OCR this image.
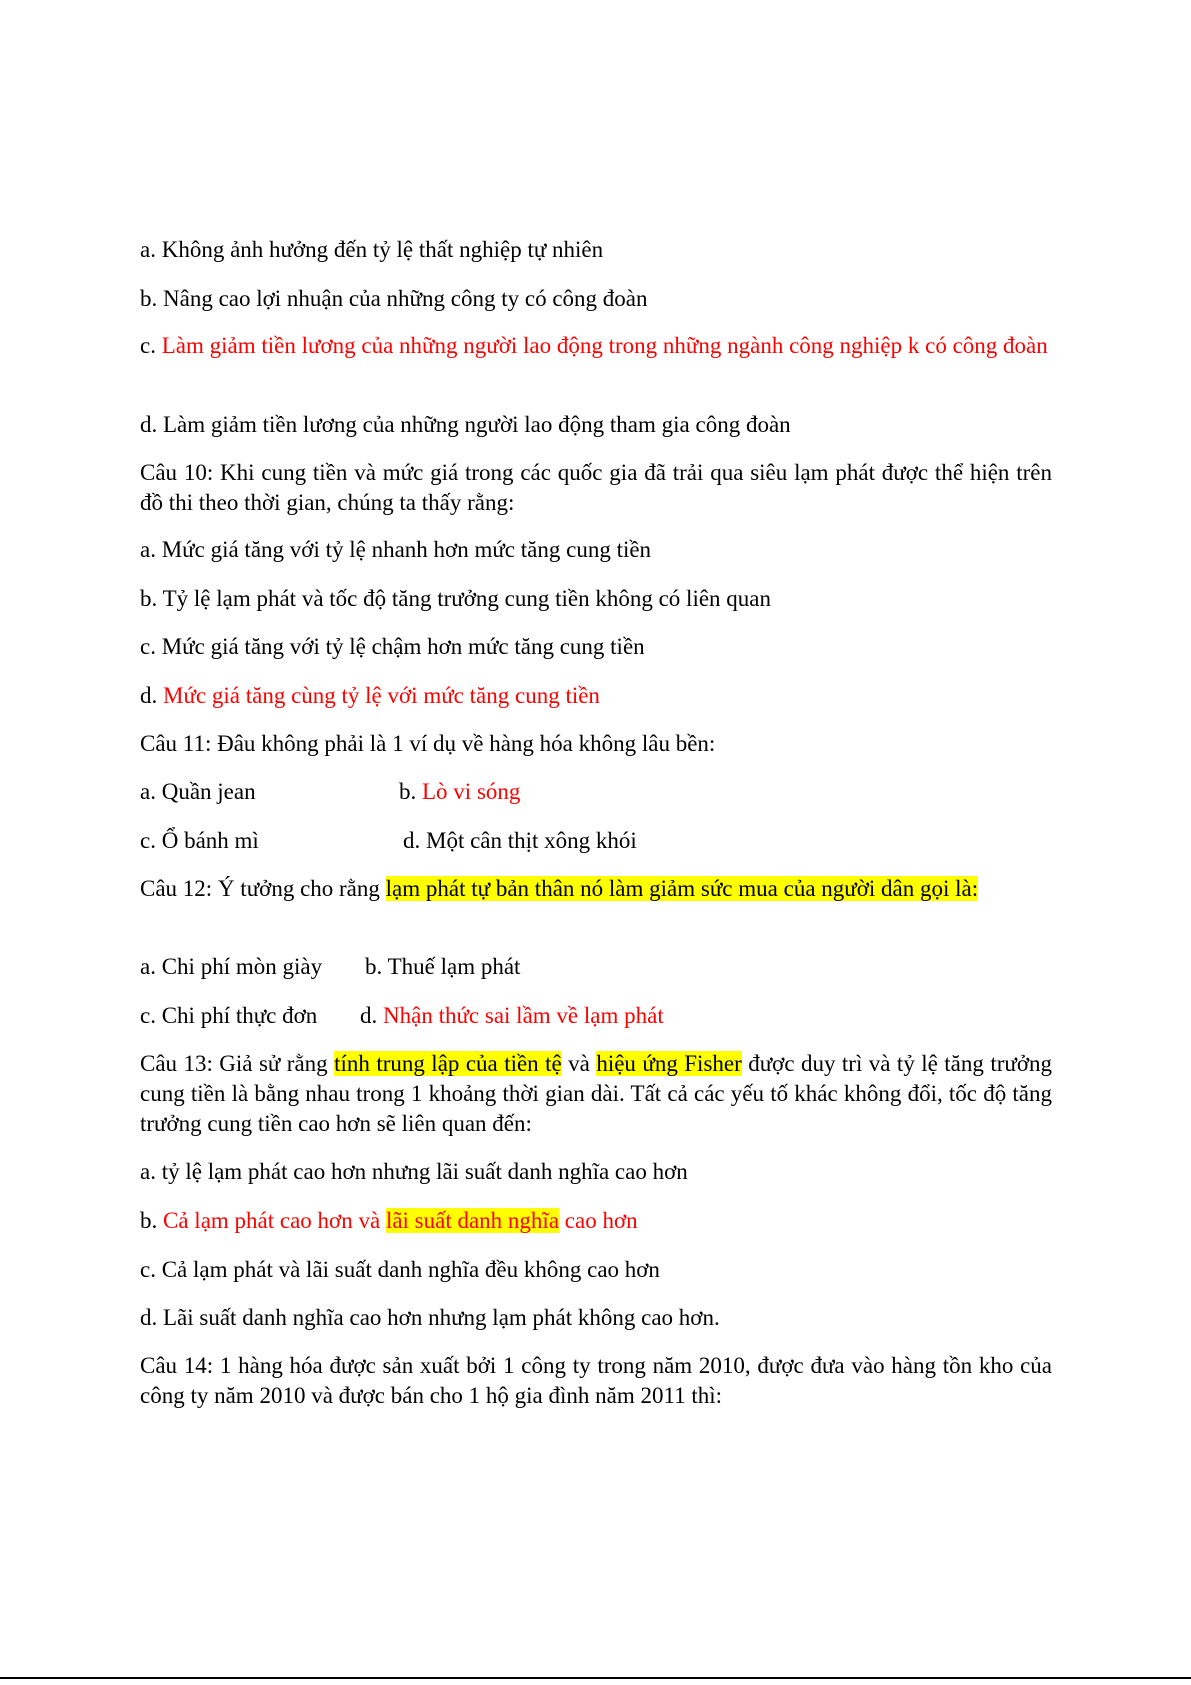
a. Không ảnh hưởng đến tỷ lệ thất nghiệp tự nhiên

b. Nâng cao lợi nhuận của những công ty có công đoàn

c. Làm giảm tiền lương của những người lao động trong những ngành công nghiệp k có công đoàn

d. Làm giảm tiền lương của những người lao động tham gia công đoàn

Câu 10: Khi cung tiền và mức giá trong các quốc gia đã trải qua siêu lạm phát được thể hiện trên đồ thi theo thời gian, chúng ta thấy rằng:

a. Mức giá tăng với tỷ lệ nhanh hơn mức tăng cung tiền

b. Tỷ lệ lạm phát và tốc độ tăng trưởng cung tiền không có liên quan

c. Mức giá tăng với tỷ lệ chậm hơn mức tăng cung tiền

d. Mức giá tăng cùng tỷ lệ với mức tăng cung tiền

Câu 11: Đâu không phải là 1 ví dụ về hàng hóa không lâu bền:

a. Quần jean	b. Lò vi sóng

c. Ổ bánh mì	d. Một cân thịt xông khói

Câu 12: Ý tưởng cho rằng lạm phát tự bản thân nó làm giảm sức mua của người dân gọi là:

a. Chi phí mòn giày b. Thuế lạm phát

c. Chi phí thực đơn d. Nhận thức sai lầm về lạm phát

Câu 13: Giả sử rằng tính trung lập của tiền tệ và hiệu ứng Fisher được duy trì và tỷ lệ tăng trưởng cung tiền là bằng nhau trong 1 khoảng thời gian dài. Tất cả các yếu tố khác không đổi, tốc độ tăng trưởng cung tiền cao hơn sẽ liên quan đến:

a. tỷ lệ lạm phát cao hơn nhưng lãi suất danh nghĩa cao hơn

b. Cả lạm phát cao hơn và lãi suất danh nghĩa cao hơn

c. Cả lạm phát và lãi suất danh nghĩa đều không cao hơn

d. Lãi suất danh nghĩa cao hơn nhưng lạm phát không cao hơn.

Câu 14: 1 hàng hóa được sản xuất bởi 1 công ty trong năm 2010, được đưa vào hàng tồn kho của công ty năm 2010 và được bán cho 1 hộ gia đình năm 2011 thì:
